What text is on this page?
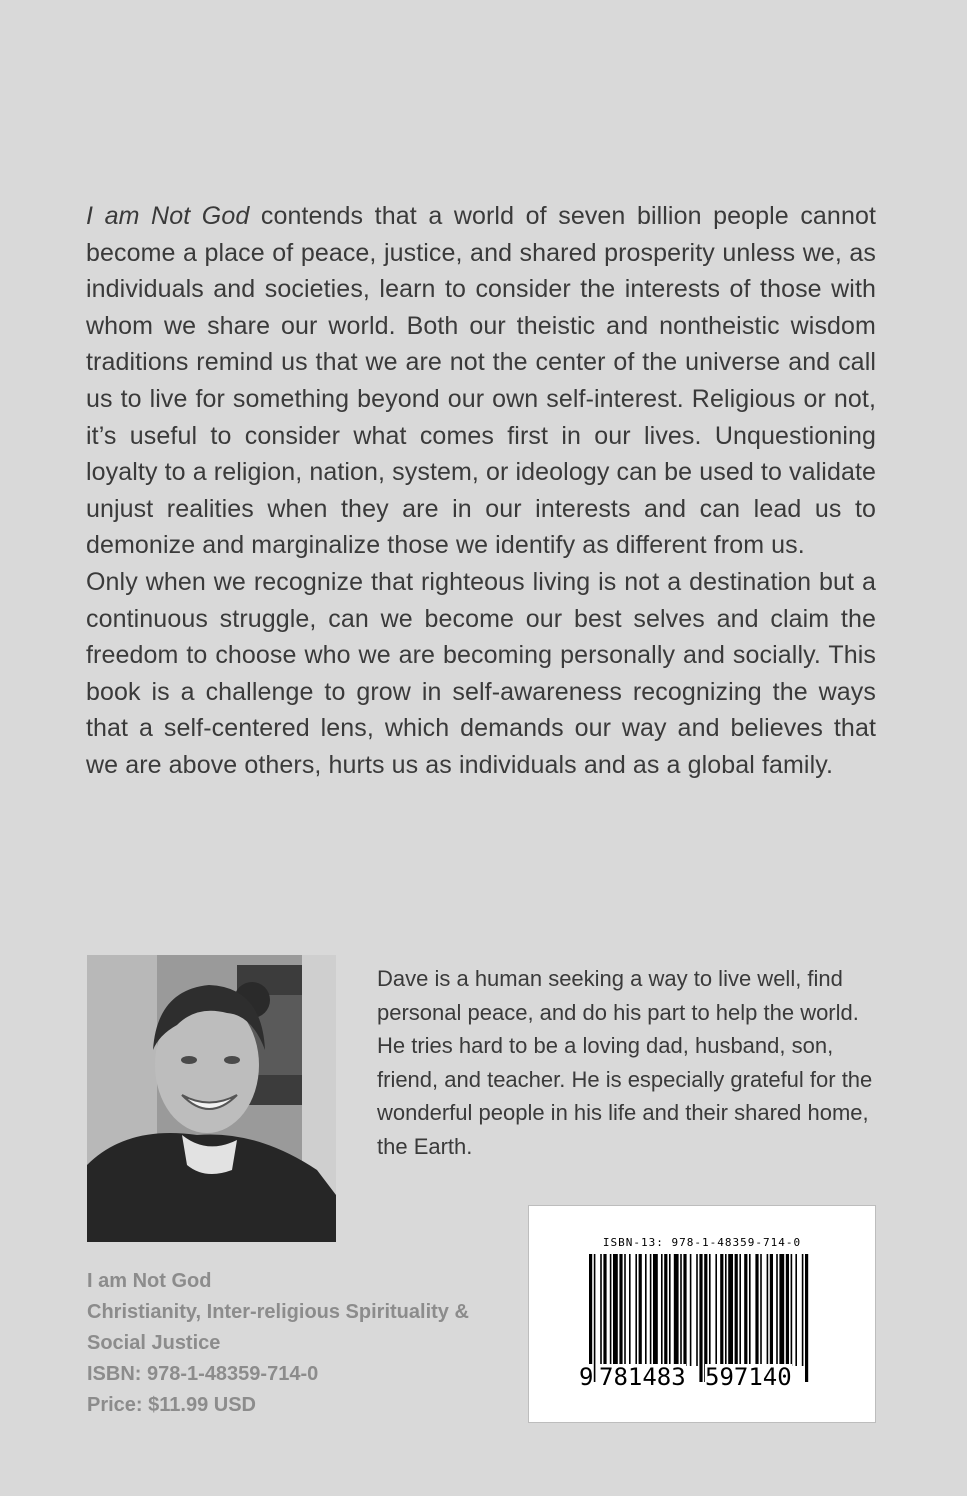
I am Not God contends that a world of seven billion people cannot become a place of peace, justice, and shared prosperity unless we, as individuals and societies, learn to consider the interests of those with whom we share our world. Both our theistic and nontheistic wisdom traditions remind us that we are not the center of the universe and call us to live for something beyond our own self-interest. Religious or not, it’s useful to consider what comes first in our lives. Unquestioning loyalty to a religion, nation, system, or ideology can be used to validate unjust realities when they are in our interests and can lead us to demonize and marginalize those we identify as different from us.

Only when we recognize that righteous living is not a destination but a continuous struggle, can we become our best selves and claim the freedom to choose who we are becoming personally and socially. This book is a challenge to grow in self-awareness recognizing the ways that a self-centered lens, which demands our way and believes that we are above others, hurts us as individuals and as a global family.

Dave is a human seeking a way to live well, find personal peace, and do his part to help the world. He tries hard to be a loving dad, husband, son, friend, and teacher. He is especially grateful for the wonderful people in his life and their shared home, the Earth.
I am Not God
Christianity, Inter-religious Spirituality &
Social Justice
ISBN: 978-1-48359-714-0
Price: $11.99 USD
ISBN-13: 978-1-48359-714-0
9 781483 597140
